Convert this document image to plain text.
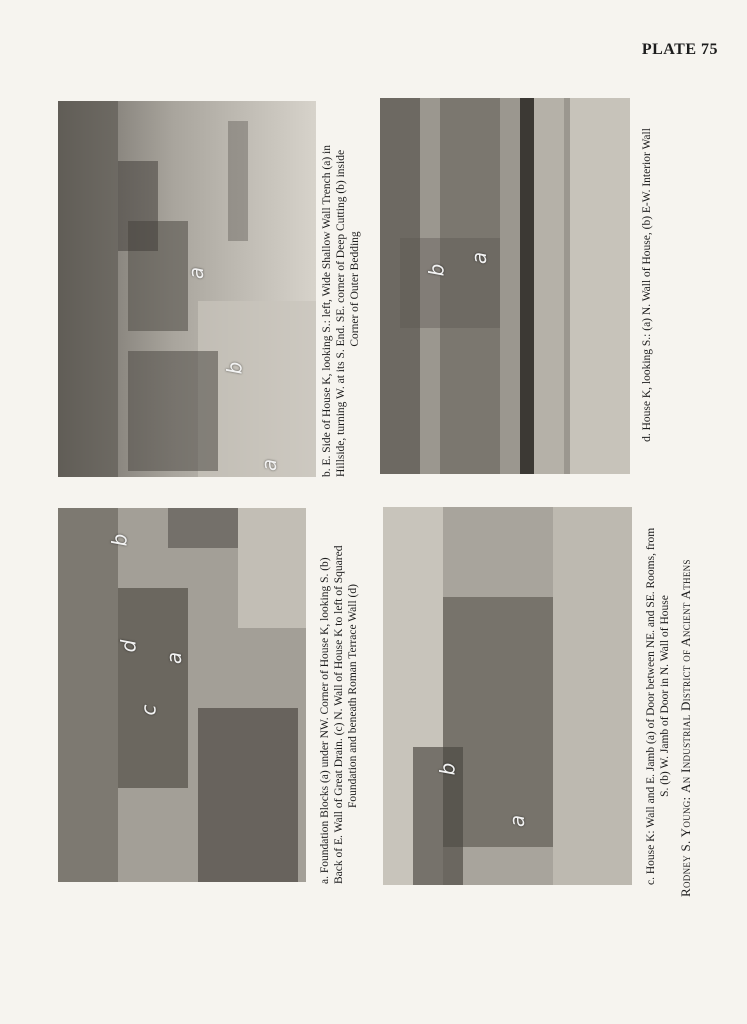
PLATE 75
a
b
a
b
a
d
c
a
b
b
a
b. E. Side of House K, looking S.: left, Wide Shallow Wall Trench (a) in Hillside, turning W. at its S. End. SE. corner of Deep Cutting (b) inside Corner of Outer Bedding	d. House K, looking S.: (a) N. Wall of House, (b) E-W. Interior Wall
a. Foundation Blocks (a) under NW. Corner of House K, looking S. (b) Back of E. Wall of Great Drain. (c) N. Wall of House K to left of Squared Foundation and beneath Roman Terrace Wall (d)	c. House K: Wall and E. Jamb (a) of Door between NE. and SE. Rooms, from S. (b) W. Jamb of Door in N. Wall of House
Rodney S. Young: An Industrial District of Ancient Athens
